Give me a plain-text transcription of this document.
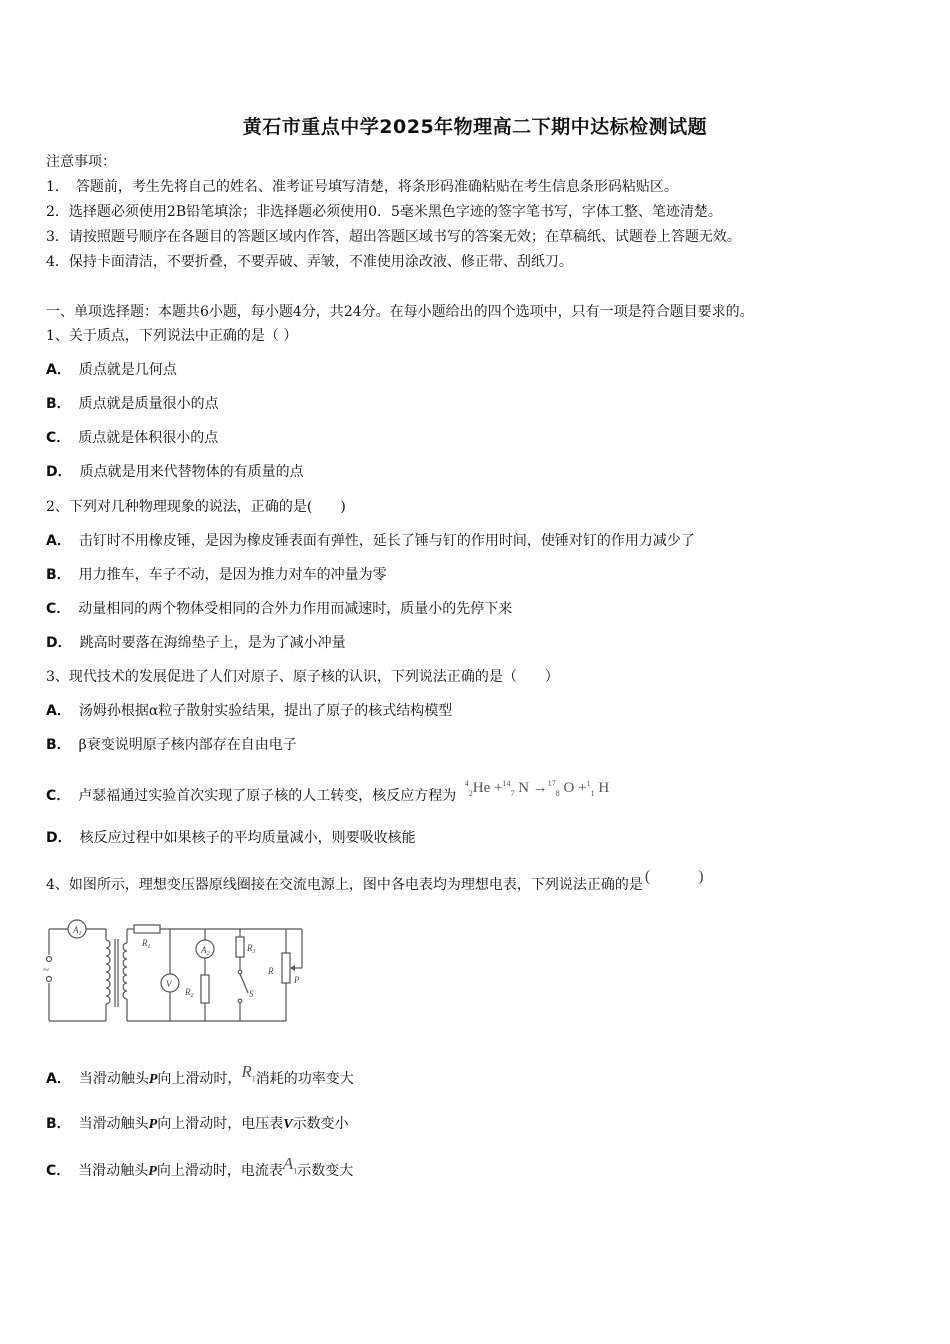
黄石市重点中学2025年物理高二下期中达标检测试题
注意事项：
1．　答题前，考生先将自己的姓名、准考证号填写清楚，将条形码准确粘贴在考生信息条形码粘贴区。
2．选择题必须使用2B铅笔填涂；非选择题必须使用0．5毫米黑色字迹的签字笔书写，字体工整、笔迹清楚。
3．请按照题号顺序在各题目的答题区域内作答，超出答题区域书写的答案无效；在草稿纸、试题卷上答题无效。
4．保持卡面清洁，不要折叠，不要弄破、弄皱，不准使用涂改液、修正带、刮纸刀。
一、单项选择题：本题共6小题，每小题4分，共24分。在每小题给出的四个选项中，只有一项是符合题目要求的。
1、关于质点，下列说法中正确的是（ ）
A． 质点就是几何点
B． 质点就是质量很小的点
C． 质点就是体积很小的点
D． 质点就是用来代替物体的有质量的点
2、下列对几种物理现象的说法，正确的是(　　)
A． 击钉时不用橡皮锤，是因为橡皮锤表面有弹性，延长了锤与钉的作用时间，使锤对钉的作用力减少了
B． 用力推车，车子不动，是因为推力对车的冲量为零
C． 动量相同的两个物体受相同的合外力作用而减速时，质量小的先停下来
D． 跳高时要落在海绵垫子上，是为了减小冲量
3、现代技术的发展促进了人们对原子、原子核的认识，下列说法正确的是（　　）
A． 汤姆孙根据α粒子散射实验结果，提出了原子的核式结构模型
B． β衰变说明原子核内部存在自由电子
C． 卢瑟福通过实验首次实现了原子核的人工转变，核反应方程为 $^4_2$He +$^{14}_7$ N →$^{17}_8$ O +$^1_1$ H
D． 核反应过程中如果核子的平均质量减小，则要吸收核能
4、如图所示，理想变压器原线圈接在交流电源上，图中各电表均为理想电表，下列说法正确的是 (　　　)
$A_1$
V
$A_2$
$R_1$
$R_2$
$R_3$
R
P
S
~
A． 当滑动触头P向上滑动时，$R_1$消耗的功率变大
B． 当滑动触头P向上滑动时，电压表V示数变小
C． 当滑动触头P向上滑动时，电流表$A_1$示数变大
